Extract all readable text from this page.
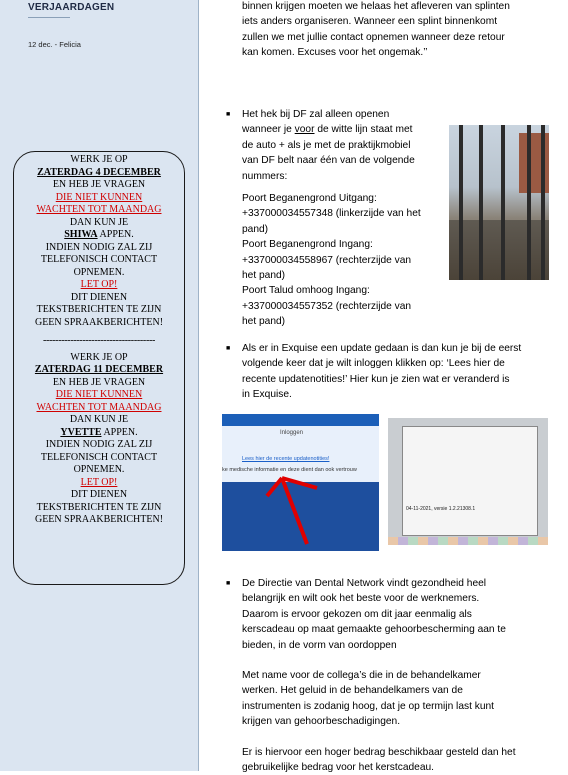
VERJAARDAGEN
12 dec. - Felicia
WERK JE OP
ZATERDAG 4 DECEMBER
EN HEB JE VRAGEN
DIE NIET KUNNEN
WACHTEN TOT MAANDAG
DAN KUN JE
SHIWA APPEN.
INDIEN NODIG ZAL ZIJ
TELEFONISCH CONTACT
OPNEMEN.
LET OP!
DIT DIENEN
TEKSTBERICHTEN TE ZIJN
GEEN SPRAAKBERICHTEN!
-------------------------------------
WERK JE OP
ZATERDAG 11 DECEMBER
EN HEB JE VRAGEN
DIE NIET KUNNEN
WACHTEN TOT MAANDAG
DAN KUN JE
YVETTE APPEN.
INDIEN NODIG ZAL ZIJ
TELEFONISCH CONTACT
OPNEMEN.
LET OP!
DIT DIENEN
TEKSTBERICHTEN TE ZIJN
GEEN SPRAAKBERICHTEN!
binnen krijgen moeten we helaas het afleveren van splinten
iets anders organiseren. Wanneer een splint binnenkomt
zullen we met jullie contact opnemen wanneer deze retour
kan komen. Excuses voor het ongemak.’’
■ Het hek bij DF zal alleen openen
wanneer je voor de witte lijn staat met
de auto + als je met de praktijkmobiel
van DF belt naar één van de volgende
nummers:
Poort Beganengrond Uitgang:
+337000034557348 (linkerzijde van het
pand)
Poort Beganengrond Ingang:
+337000034558967 (rechterzijde van
het pand)
Poort Talud omhoog Ingang:
+337000034557352 (rechterzijde van
het pand)
■ Als er in Exquise een update gedaan is dan kun je bij de eerst
volgende keer dat je wilt inloggen klikken op: ‘Lees hier de
recente updatenotities!’ Hier kun je zien wat er veranderd is
in Exquise.
■ De Directie van Dental Network vindt gezondheid heel
belangrijk en wilt ook het beste voor de werknemers.
Daarom is ervoor gekozen om dit jaar eenmalig als
kerscadeau op maat gemaakte gehoorbescherming aan te
bieden, in de vorm van oordoppen
Met name voor de collega’s die in de behandelkamer
werken. Het geluid in de behandelkamers van de
instrumenten is zodanig hoog, dat je op termijn last kunt
krijgen van gehoorbeschadigingen.
Er is hiervoor een hoger bedrag beschikbaar gesteld dan het
gebruikelijke bedrag voor het kerstcadeau.
Inloggen
Lees hier de recente updatenotities!
ke medische informatie en deze dient dan ook vertrouw
04-11-2021, versie 1.2.21308.1
